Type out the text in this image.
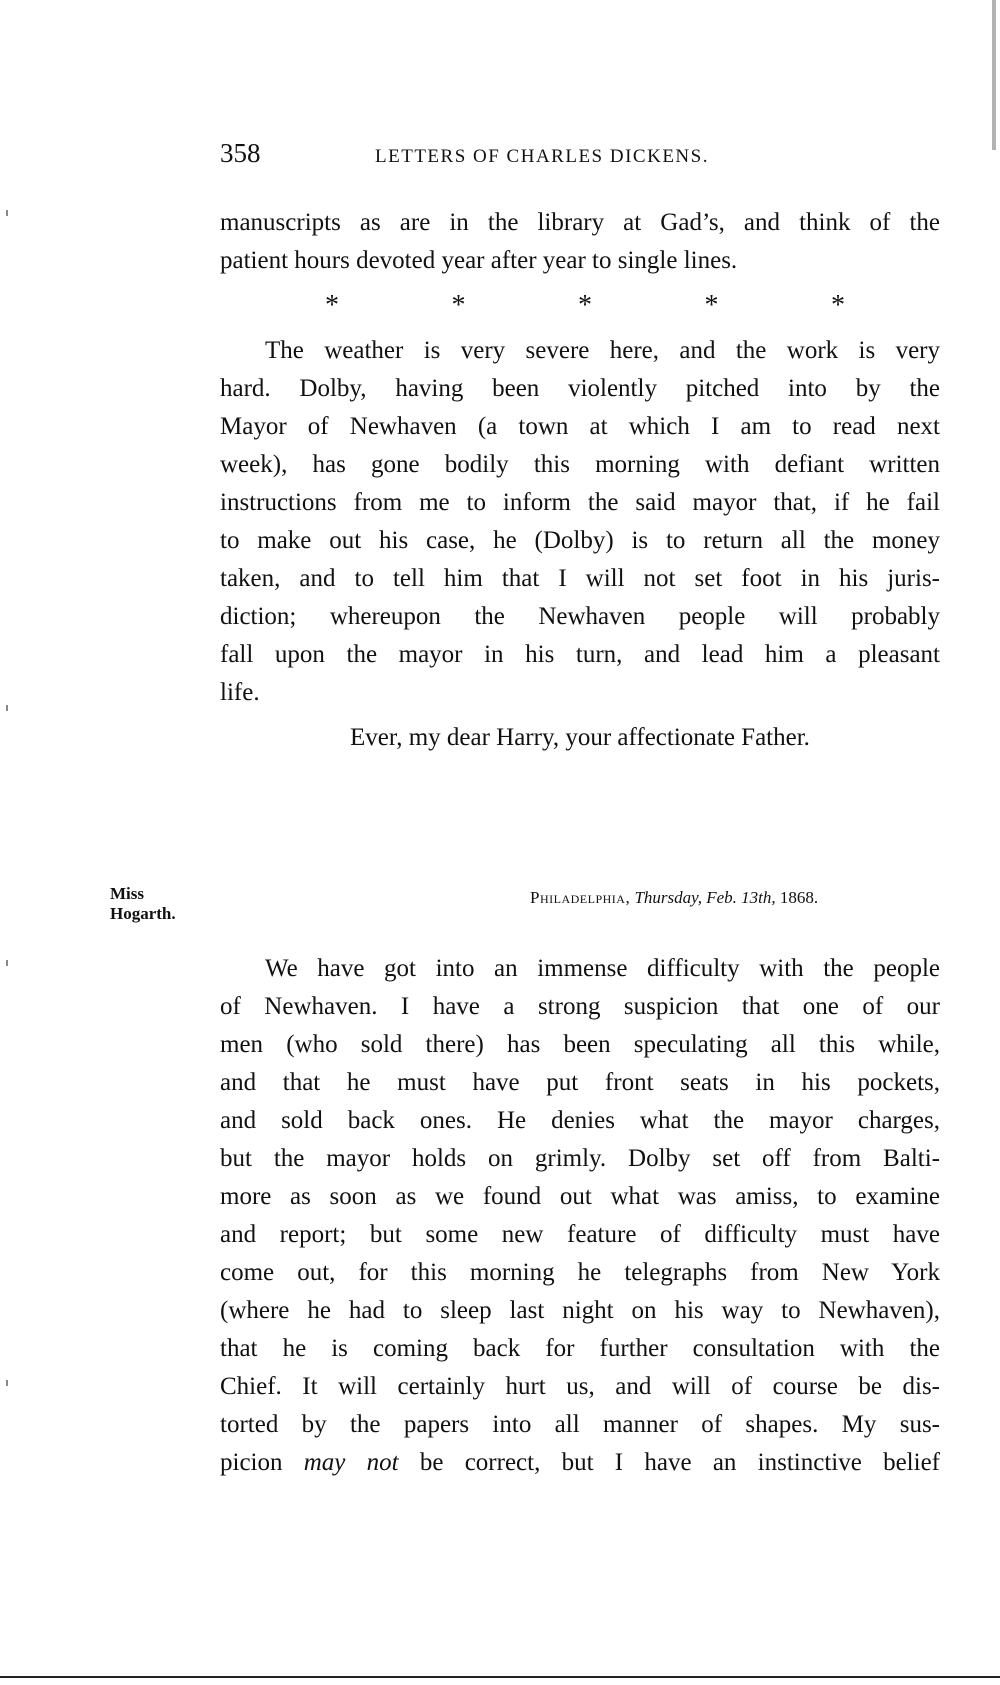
358	LETTERS OF CHARLES DICKENS.
manuscripts as are in the library at Gad’s, and think of the
patient hours devoted year after year to single lines.
*	*	*	*	*
The weather is very severe here, and the work is very
hard. Dolby, having been violently pitched into by the
Mayor of Newhaven (a town at which I am to read next
week), has gone bodily this morning with defiant written
instructions from me to inform the said mayor that, if he fail
to make out his case, he (Dolby) is to return all the money
taken, and to tell him that I will not set foot in his juris-
diction; whereupon the Newhaven people will probably
fall upon the mayor in his turn, and lead him a pleasant
life.
Ever, my dear Harry, your affectionate Father.
Miss
Hogarth.
Philadelphia, Thursday, Feb. 13th, 1868.
We have got into an immense difficulty with the people
of Newhaven. I have a strong suspicion that one of our
men (who sold there) has been speculating all this while,
and that he must have put front seats in his pockets,
and sold back ones. He denies what the mayor charges,
but the mayor holds on grimly. Dolby set off from Balti-
more as soon as we found out what was amiss, to examine
and report; but some new feature of difficulty must have
come out, for this morning he telegraphs from New York
(where he had to sleep last night on his way to Newhaven),
that he is coming back for further consultation with the
Chief. It will certainly hurt us, and will of course be dis-
torted by the papers into all manner of shapes. My sus-
picion may not be correct, but I have an instinctive belief
